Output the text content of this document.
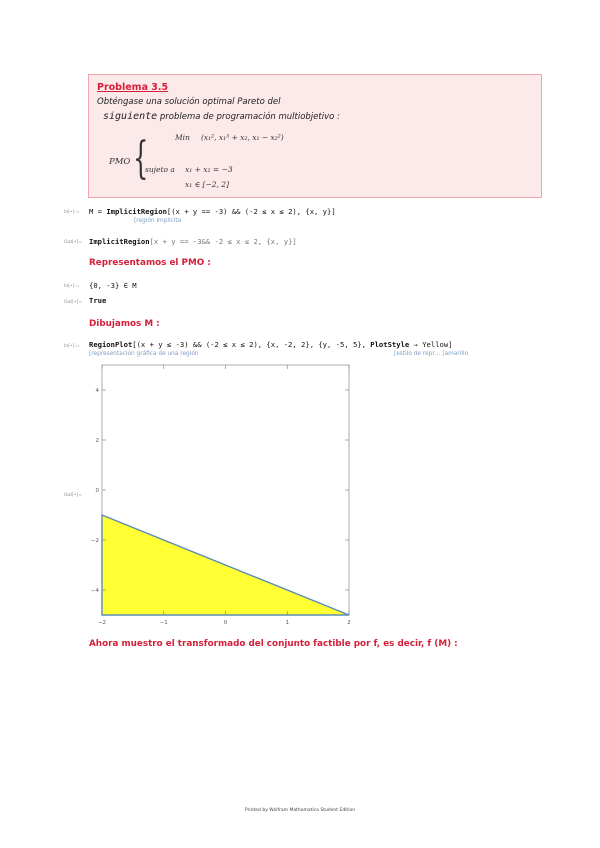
Problema 3.5
Obténgase una solución optimal Pareto del
siguiente problema de programación multiobjetivo :
PMO {	Min (x₁², x₁³ + x₂, x₁ − x₂²)
sujeto a x₁ + x₂ = −3
x₁ ∈ [−2, 2]
In[•]:= M = ImplicitRegion[(x + y == -3) && (-2 ≤ x ≤ 2), {x, y}]
[región implícita
Out[•]= ImplicitRegion[x + y == -3&& -2 ≤ x ≤ 2, {x, y}]
Representamos el PMO :
In[•]:= {0, -3} ∈ M
Out[•]= True
Dibujamos M :
In[•]:= RegionPlot[(x + y ≤ -3) && (-2 ≤ x ≤ 2), {x, -2, 2}, {y, -5, 5}, PlotStyle → Yellow]
[representación gráfica de una región	[estilo de repr… [amarillo
Out[•]=
−2	−1	0	1	2
−4
−2
0
2
4
Ahora muestro el transformado del conjunto factible por f, es decir, f (M) :
Printed by Wolfram Mathematica Student Edition
